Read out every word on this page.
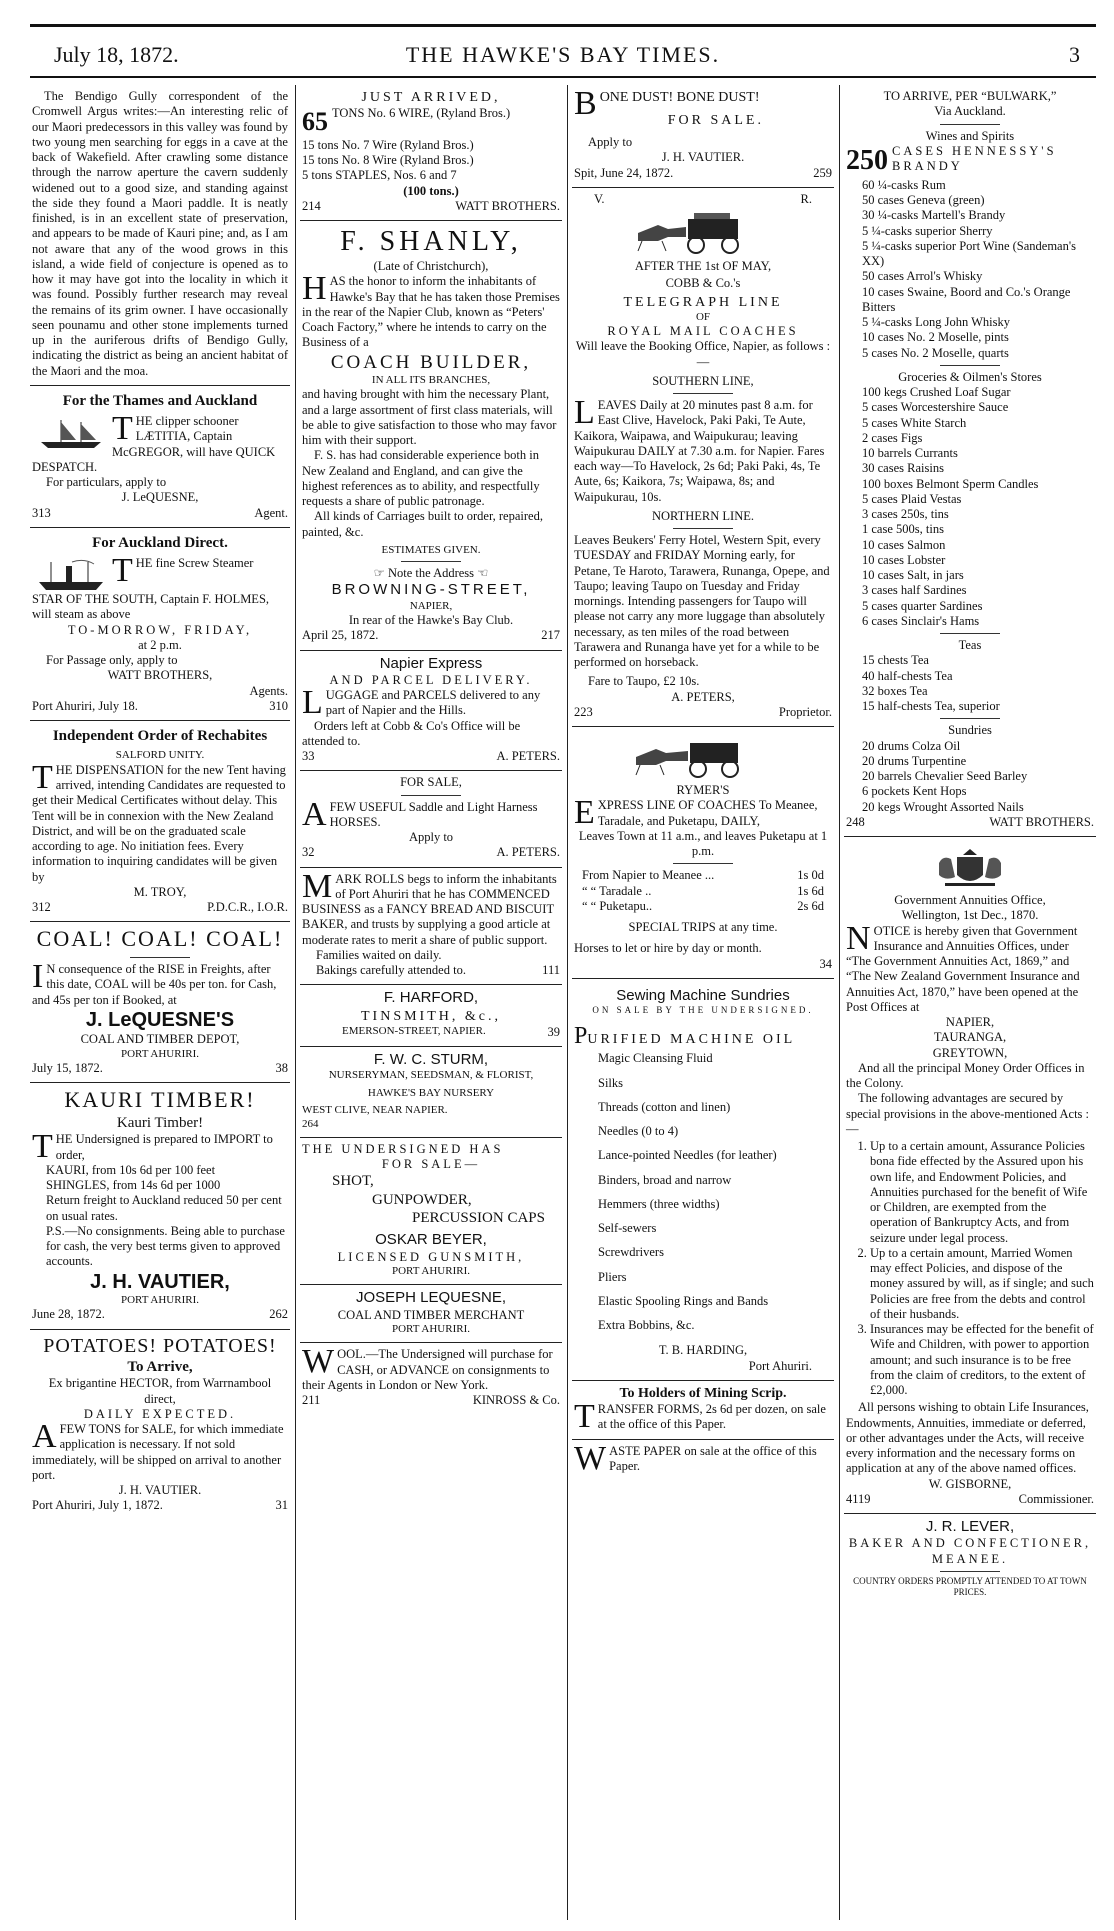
July 18, 1872.	THE HAWKE'S BAY TIMES.	3

The Bendigo Gully correspondent of the Cromwell Argus writes:—An interesting relic of our Maori predecessors in this valley was found by two young men searching for eggs in a cave at the back of Wakefield. After crawling some distance through the narrow aperture the cavern suddenly widened out to a good size, and standing against the side they found a Maori paddle. It is neatly finished, is in an excellent state of preservation, and appears to be made of Kauri pine; and, as I am not aware that any of the wood grows in this island, a wide field of conjecture is opened as to how it may have got into the locality in which it was found. Possibly further research may reveal the remains of its grim owner. I have occasionally seen pounamu and other stone implements turned up in the auriferous drifts of Bendigo Gully, indicating the district as being an ancient habitat of the Maori and the moa.

For the Thames and Auckland
T HE clipper schooner LÆTITIA, Captain McGREGOR, will have QUICK DESPATCH.

For particulars, apply to

J. LeQUESNE,

313	Agent.
For Auckland Direct.
T HE fine Screw Steamer

STAR OF THE SOUTH, Captain F. HOLMES, will steam as above

TO-MORROW, FRIDAY,

at 2 p.m.

For Passage only, apply to

WATT BROTHERS,

Agents.

Port Ahuriri, July 18.	310
Independent Order of Rechabites

SALFORD UNITY.

T HE DISPENSATION for the new Tent having arrived, intending Candidates are requested to get their Medical Certificates without delay. This Tent will be in connexion with the New Zealand District, and will be on the graduated scale according to age. No initiation fees. Every information to inquiring candidates will be given by

M. TROY,

312	P.D.C.R., I.O.R.
COAL! COAL! COAL!
I N consequence of the RISE in Freights, after this date, COAL will be 40s per ton. for Cash, and 45s per ton if Booked, at

J. LeQUESNE'S

COAL AND TIMBER DEPOT,

PORT AHURIRI.

July 15, 1872.	38
KAURI TIMBER!

Kauri Timber!

T HE Undersigned is prepared to IMPORT to order,

KAURI, from 10s 6d per 100 feet

SHINGLES, from 14s 6d per 1000

Return freight to Auckland reduced 50 per cent on usual rates.

P.S.—No consignments. Being able to purchase for cash, the very best terms given to approved accounts.

J. H. VAUTIER,

PORT AHURIRI.

June 28, 1872.	262
POTATOES! POTATOES!

To Arrive,

Ex brigantine HECTOR, from Warrnambool direct,

DAILY EXPECTED.

A FEW TONS for SALE, for which immediate application is necessary. If not sold immediately, will be shipped on arrival to another port.

J. H. VAUTIER.

Port Ahuriri, July 1, 1872.	31

JUST ARRIVED,

65 TONS No. 6 WIRE, (Ryland Bros.)

15 tons No. 7 Wire (Ryland Bros.)

15 tons No. 8 Wire (Ryland Bros.)

5 tons STAPLES, Nos. 6 and 7

(100 tons.)

214	WATT BROTHERS.
F. SHANLY,

(Late of Christchurch),

H AS the honor to inform the inhabitants of Hawke's Bay that he has taken those Premises in the rear of the Napier Club, known as “Peters' Coach Factory,” where he intends to carry on the Business of a

COACH BUILDER,

IN ALL ITS BRANCHES,

and having brought with him the necessary Plant, and a large assortment of first class materials, will be able to give satisfaction to those who may favor him with their support.

F. S. has had considerable experience both in New Zealand and England, and can give the highest references as to ability, and respectfully requests a share of public patronage.

All kinds of Carriages built to order, repaired, painted, &c.

ESTIMATES GIVEN.

☞ Note the Address ☜

BROWNING-STREET,

NAPIER,

In rear of the Hawke's Bay Club.

April 25, 1872.	217

Napier Express

AND PARCEL DELIVERY.

L UGGAGE and PARCELS delivered to any part of Napier and the Hills.

Orders left at Cobb & Co's Office will be attended to.

33	A. PETERS.

FOR SALE,

A FEW USEFUL Saddle and Light Harness HORSES.

Apply to

32	A. PETERS.
M ARK ROLLS begs to inform the inhabitants of Port Ahuriri that he has COMMENCED BUSINESS as a FANCY BREAD AND BISCUIT BAKER, and trusts by supplying a good article at moderate rates to merit a share of public support.

Families waited on daily.

Bakings carefully attended to.	111

F. HARFORD,

TINSMITH, &c.,

EMERSON-STREET, NAPIER.	39

F. W. C. STURM,

NURSERYMAN, SEEDSMAN, & FLORIST,

HAWKE'S BAY NURSERY

WEST CLIVE, NEAR NAPIER.

264

THE UNDERSIGNED HAS

FOR SALE—

SHOT,

GUNPOWDER,

PERCUSSION CAPS

OSKAR BEYER,

LICENSED GUNSMITH,

PORT AHURIRI.

JOSEPH LEQUESNE,

COAL AND TIMBER MERCHANT

PORT AHURIRI.

W OOL.—The Undersigned will purchase for CASH, or ADVANCE on consignments to their Agents in London or New York.

211	KINROSS & Co.
B ONE DUST! BONE DUST!

FOR SALE.

Apply to

J. H. VAUTIER.

Spit, June 24, 1872.	259
V.	R.

AFTER THE 1st OF MAY,

COBB & Co.'s

TELEGRAPH LINE

OF

ROYAL MAIL COACHES

Will leave the Booking Office, Napier, as follows :—

SOUTHERN LINE,

L EAVES Daily at 20 minutes past 8 a.m. for East Clive, Havelock, Paki Paki, Te Aute, Kaikora, Waipawa, and Waipukurau; leaving Waipukurau DAILY at 7.30 a.m. for Napier. Fares each way—To Havelock, 2s 6d; Paki Paki, 4s, Te Aute, 6s; Kaikora, 7s; Waipawa, 8s; and Waipukurau, 10s.

NORTHERN LINE.

Leaves Beukers' Ferry Hotel, Western Spit, every TUESDAY and FRIDAY Morning early, for Petane, Te Haroto, Tarawera, Runanga, Opepe, and Taupo; leaving Taupo on Tuesday and Friday mornings. Intending passengers for Taupo will please not carry any more luggage than absolutely necessary, as ten miles of the road between Tarawera and Runanga have yet for a while to be performed on horseback.

Fare to Taupo, £2 10s.

A. PETERS,

223	Proprietor.

RYMER'S

E XPRESS LINE OF COACHES To Meanee, Taradale, and Puketapu, DAILY,

Leaves Town at 11 a.m., and leaves Puketapu at 1 p.m.

From Napier to Meanee ...	1s 0d
“ “ Taradale ..	1s 6d
“ “ Puketapu..	2s 6d

SPECIAL TRIPS at any time.

Horses to let or hire by day or month.

34

Sewing Machine Sundries

ON SALE BY THE UNDERSIGNED.

PURIFIED MACHINE OIL

Magic Cleansing Fluid

Silks

Threads (cotton and linen)

Needles (0 to 4)

Lance-pointed Needles (for leather)

Binders, broad and narrow

Hemmers (three widths)

Self-sewers

Screwdrivers

Pliers

Elastic Spooling Rings and Bands

Extra Bobbins, &c.

T. B. HARDING,

Port Ahuriri.

To Holders of Mining Scrip.

T RANSFER FORMS, 2s 6d per dozen, on sale at the office of this Paper.

W ASTE PAPER on sale at the office of this Paper.

TO ARRIVE, PER “BULWARK,”

Via Auckland.

Wines and Spirits

250 CASES HENNESSY'S BRANDY

60 ¼-casks Rum

50 cases Geneva (green)

30 ¼-casks Martell's Brandy

5 ¼-casks superior Sherry

5 ¼-casks superior Port Wine (Sandeman's XX)

50 cases Arrol's Whisky

10 cases Swaine, Boord and Co.'s Orange Bitters

5 ¼-casks Long John Whisky

10 cases No. 2 Moselle, pints

5 cases No. 2 Moselle, quarts

Groceries & Oilmen's Stores

100 kegs Crushed Loaf Sugar

5 cases Worcestershire Sauce

5 cases White Starch

2 cases Figs

10 barrels Currants

30 cases Raisins

100 boxes Belmont Sperm Candles

5 cases Plaid Vestas

3 cases 250s, tins

1 case 500s, tins

10 cases Salmon

10 cases Lobster

10 cases Salt, in jars

3 cases half Sardines

5 cases quarter Sardines

6 cases Sinclair's Hams

Teas

15 chests Tea

40 half-chests Tea

32 boxes Tea

15 half-chests Tea, superior

Sundries

20 drums Colza Oil

20 drums Turpentine

20 barrels Chevalier Seed Barley

6 pockets Kent Hops

20 kegs Wrought Assorted Nails

248	WATT BROTHERS.

Government Annuities Office,

Wellington, 1st Dec., 1870.

N OTICE is hereby given that Government Insurance and Annuities Offices, under “The Government Annuities Act, 1869,” and “The New Zealand Government Insurance and Annuities Act, 1870,” have been opened at the Post Offices at

NAPIER,

TAURANGA,

GREYTOWN,

And all the principal Money Order Offices in the Colony.

The following advantages are secured by special provisions in the above-mentioned Acts :—

1. Up to a certain amount, Assurance Policies bona fide effected by the Assured upon his own life, and Endowment Policies, and Annuities purchased for the benefit of Wife or Children, are exempted from the operation of Bankruptcy Acts, and from seizure under legal process.
2. Up to a certain amount, Married Women may effect Policies, and dispose of the money assured by will, as if single; and such Policies are free from the debts and control of their husbands.
3. Insurances may be effected for the benefit of Wife and Children, with power to apportion amount; and such insurance is to be free from the claim of creditors, to the extent of £2,000.

All persons wishing to obtain Life Insurances, Endowments, Annuities, immediate or deferred, or other advantages under the Acts, will receive every information and the necessary forms on application at any of the above named offices.

W. GISBORNE,

4119	Commissioner.

J. R. LEVER,

BAKER AND CONFECTIONER,

MEANEE.

COUNTRY ORDERS PROMPTLY ATTENDED TO AT TOWN PRICES.
